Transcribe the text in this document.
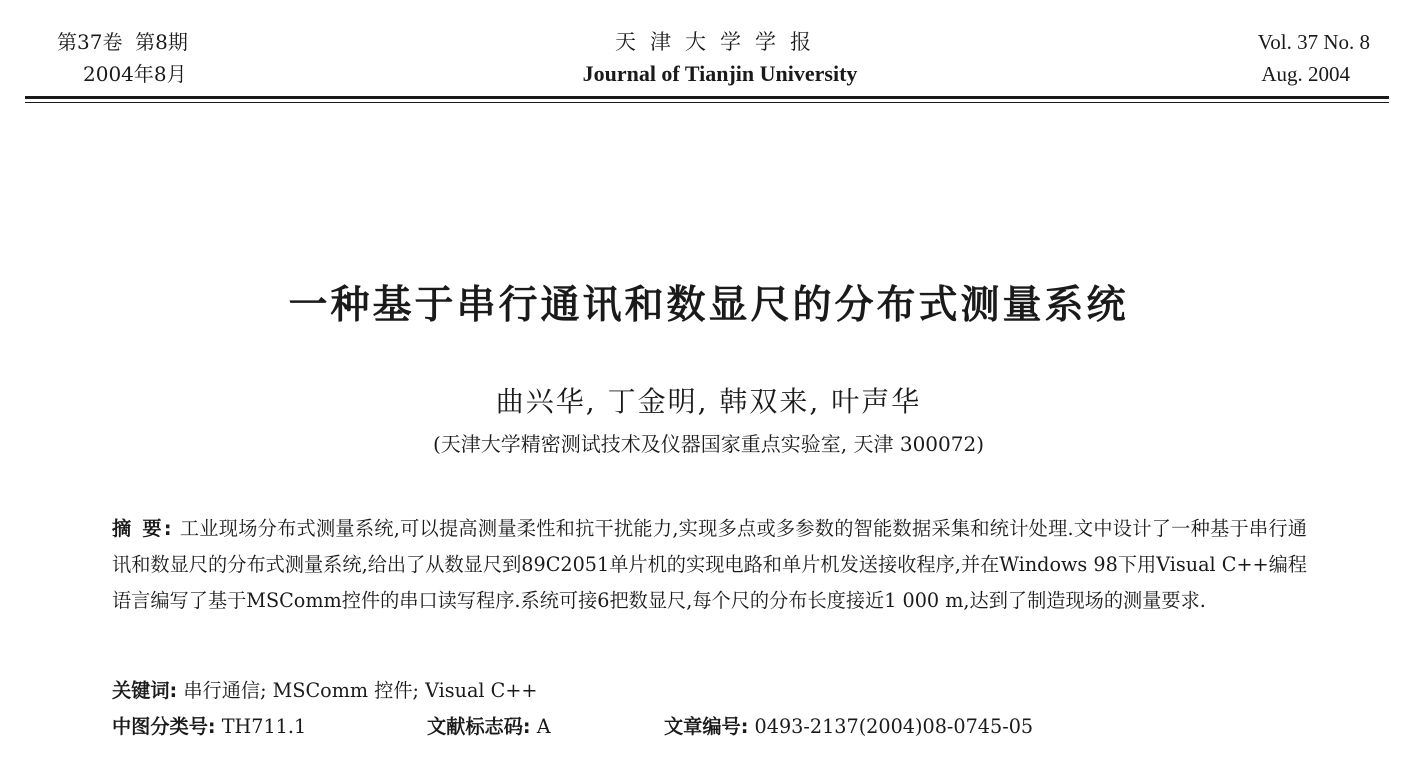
第37卷  第8期
2004年8月
天津大学学报
Journal of Tianjin University
Vol. 37 No. 8
Aug. 2004
一种基于串行通讯和数显尺的分布式测量系统
曲兴华, 丁金明, 韩双来, 叶声华
(天津大学精密测试技术及仪器国家重点实验室, 天津 300072)
摘 要: 工业现场分布式测量系统,可以提高测量柔性和抗干扰能力,实现多点或多参数的智能数据采集和统计处理.文中设计了一种基于串行通讯和数显尺的分布式测量系统,给出了从数显尺到89C2051单片机的实现电路和单片机发送接收程序,并在Windows 98下用Visual C++编程语言编写了基于MSComm控件的串口读写程序.系统可接6把数显尺,每个尺的分布长度接近1 000 m,达到了制造现场的测量要求.
关键词: 串行通信; MSComm 控件; Visual C++
中图分类号: TH711.1	文献标志码: A	文章编号: 0493-2137(2004)08-0745-05
